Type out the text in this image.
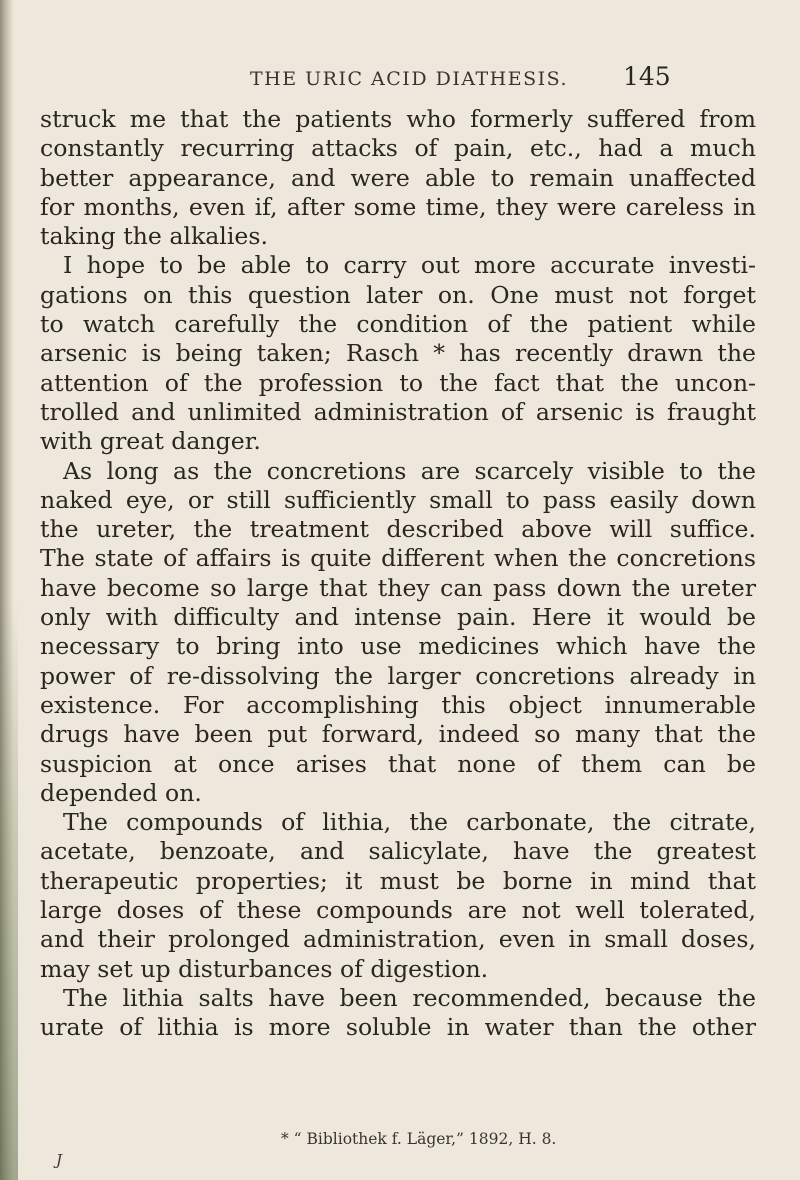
THE URIC ACID DIATHESIS. 145
struck me that the patients who formerly suffered from
constantly recurring attacks of pain, etc., had a much
better appearance, and were able to remain unaffected
for months, even if, after some time, they were careless in
taking the alkalies.
I hope to be able to carry out more accurate investi-
gations on this question later on. One must not forget
to watch carefully the condition of the patient while
arsenic is being taken; Rasch * has recently drawn the
attention of the profession to the fact that the uncon-
trolled and unlimited administration of arsenic is fraught
with great danger.
As long as the concretions are scarcely visible to the
naked eye, or still sufficiently small to pass easily down
the ureter, the treatment described above will suffice.
The state of affairs is quite different when the concretions
have become so large that they can pass down the ureter
only with difficulty and intense pain. Here it would be
necessary to bring into use medicines which have the
power of re-dissolving the larger concretions already in
existence. For accomplishing this object innumerable
drugs have been put forward, indeed so many that the
suspicion at once arises that none of them can be
depended on.
The compounds of lithia, the carbonate, the citrate,
acetate, benzoate, and salicylate, have the greatest
therapeutic properties; it must be borne in mind that
large doses of these compounds are not well tolerated,
and their prolonged administration, even in small doses,
may set up disturbances of digestion.
The lithia salts have been recommended, because the
urate of lithia is more soluble in water than the other
* “ Bibliothek f. Läger,” 1892, H. 8.
J
